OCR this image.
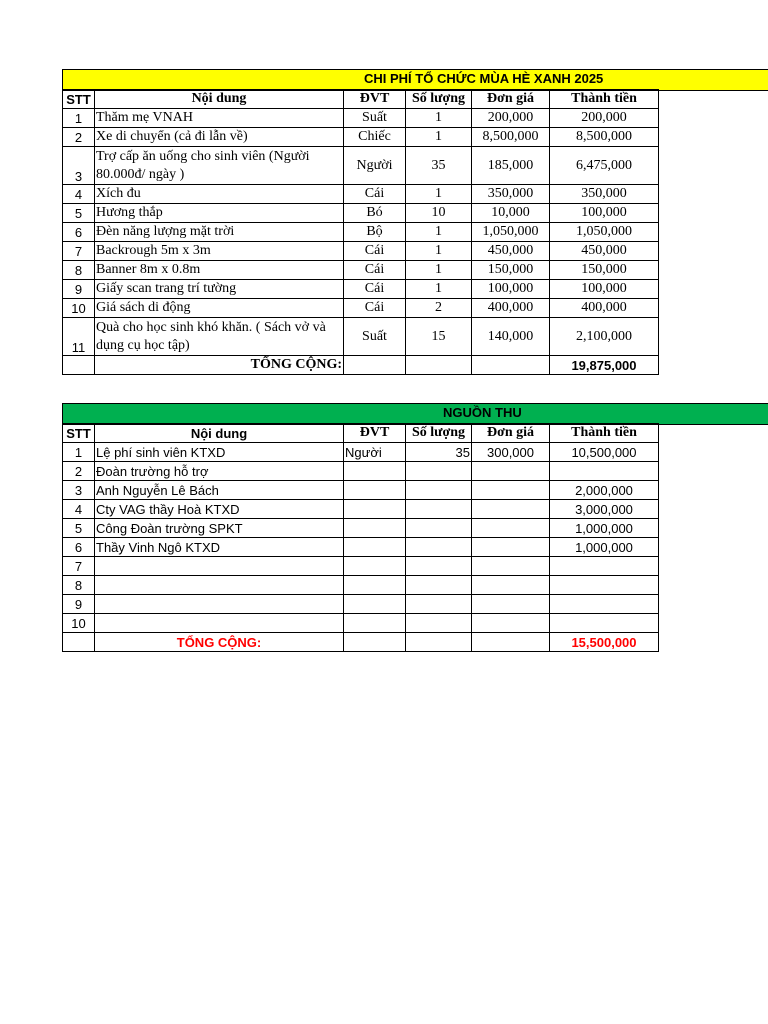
CHI PHÍ TỔ CHỨC MÙA HÈ XANH 2025
STT	Nội dung	ĐVT	Số lượng	Đơn giá	Thành tiền
1	Thăm mẹ VNAH	Suất	1	200,000	200,000
2	Xe di chuyển (cả đi lẫn về)	Chiếc	1	8,500,000	8,500,000
3	Trợ cấp ăn uống cho sinh viên (Người 80.000đ/ ngày )	Người	35	185,000	6,475,000
4	Xích đu	Cái	1	350,000	350,000
5	Hương thắp	Bó	10	10,000	100,000
6	Đèn năng lượng mặt trời	Bộ	1	1,050,000	1,050,000
7	Backrough 5m x 3m	Cái	1	450,000	450,000
8	Banner 8m x 0.8m	Cái	1	150,000	150,000
9	Giấy scan trang trí tường	Cái	1	100,000	100,000
10	Giá sách di động	Cái	2	400,000	400,000
11	Quà cho học sinh khó khăn. ( Sách vở và dụng cụ học tập)	Suất	15	140,000	2,100,000
	TỔNG CỘNG:				19,875,000
NGUỒN THU
STT	Nội dung	ĐVT	Số lượng	Đơn giá	Thành tiền
1	Lệ phí sinh viên KTXD	Người	35	300,000	10,500,000
2	Đoàn trường hỗ trợ				
3	Anh Nguyễn Lê Bách				2,000,000
4	Cty VAG thầy Hoà KTXD				3,000,000
5	Công Đoàn trường SPKT				1,000,000
6	Thầy Vinh Ngô KTXD				1,000,000
7					
8					
9					
10					
	TỔNG CỘNG:				15,500,000
